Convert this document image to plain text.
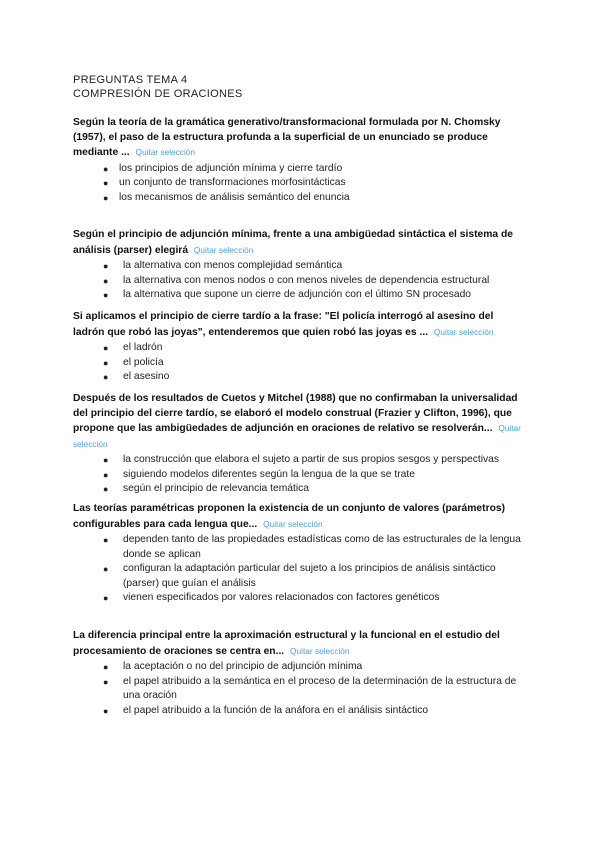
PREGUNTAS TEMA 4
COMPRESIÓN DE ORACIONES
Según la teoría de la gramática generativo/transformacional formulada por N. Chomsky (1957), el paso de la estructura profunda a la superficial de un enunciado se produce mediante ... Quitar selección
● los principios de adjunción mínima y cierre tardío
● un conjunto de transformaciones morfosintácticas
● los mecanismos de análisis semántico del enuncia
Según el principio de adjunción mínima, frente a una ambigüedad sintáctica el sistema de análisis (parser) elegirá Quitar selección
● la alternativa con menos complejidad semántica
● la alternativa con menos nodos o con menos niveles de dependencia estructural
● la alternativa que supone un cierre de adjunción con el último SN procesado
Si aplicamos el principio de cierre tardío a la frase: "El policía interrogó al asesino del ladrón que robó las joyas", entenderemos que quien robó las joyas es ... Quitar selección
● el ladrón
● el policía
● el asesino
Después de los resultados de Cuetos y Mitchel (1988) que no confirmaban la universalidad del principio del cierre tardío, se elaboró el modelo construal (Frazier y Clifton, 1996), que propone que las ambigüedades de adjunción en oraciones de relativo se resolverán... Quitar selección
● la construcción que elabora el sujeto a partir de sus propios sesgos y perspectivas
● siguiendo modelos diferentes según la lengua de la que se trate
● según el principio de relevancia temática
Las teorías paramétricas proponen la existencia de un conjunto de valores (parámetros) configurables para cada lengua que... Quitar selección
● dependen tanto de las propiedades estadísticas como de las estructurales de la lengua donde se aplican
● configuran la adaptación particular del sujeto a los principios de análisis sintáctico (parser) que guían el análisis
● vienen especificados por valores relacionados con factores genéticos
La diferencia principal entre la aproximación estructural y la funcional en el estudio del procesamiento de oraciones se centra en... Quitar selección
● la aceptación o no del principio de adjunción mínima
● el papel atribuido a la semántica en el proceso de la determinación de la estructura de una oración
● el papel atribuido a la función de la anáfora en el análisis sintáctico
